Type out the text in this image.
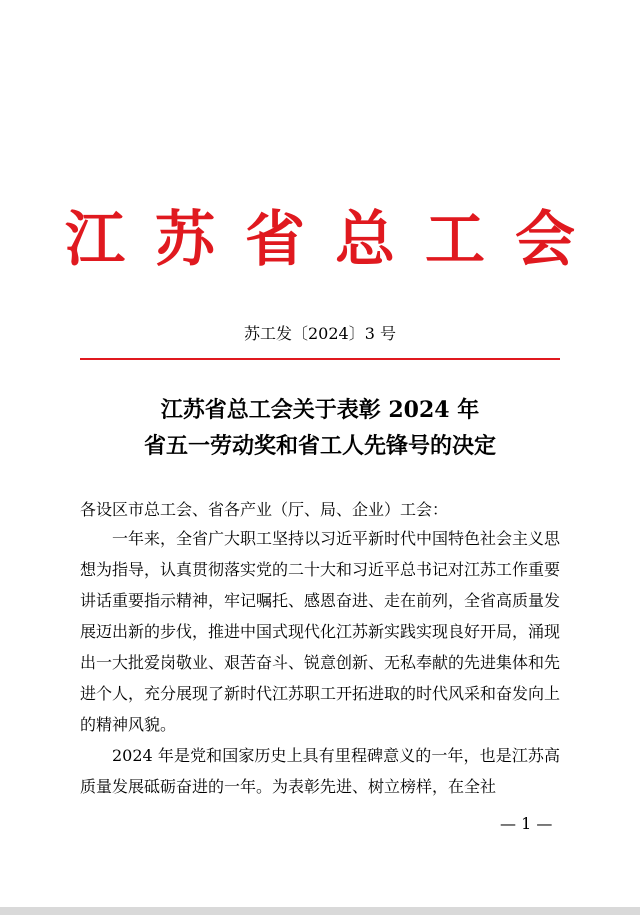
江苏省总工会
苏工发〔2024〕3 号
江苏省总工会关于表彰 2024 年
省五一劳动奖和省工人先锋号的决定
各设区市总工会、省各产业（厅、局、企业）工会：

一年来，全省广大职工坚持以习近平新时代中国特色社会主义思想为指导，认真贯彻落实党的二十大和习近平总书记对江苏工作重要讲话重要指示精神，牢记嘱托、感恩奋进、走在前列，全省高质量发展迈出新的步伐，推进中国式现代化江苏新实践实现良好开局，涌现出一大批爱岗敬业、艰苦奋斗、锐意创新、无私奉献的先进集体和先进个人，充分展现了新时代江苏职工开拓进取的时代风采和奋发向上的精神风貌。

2024 年是党和国家历史上具有里程碑意义的一年，也是江苏高质量发展砥砺奋进的一年。为表彰先进、树立榜样，在全社

— 1 —
